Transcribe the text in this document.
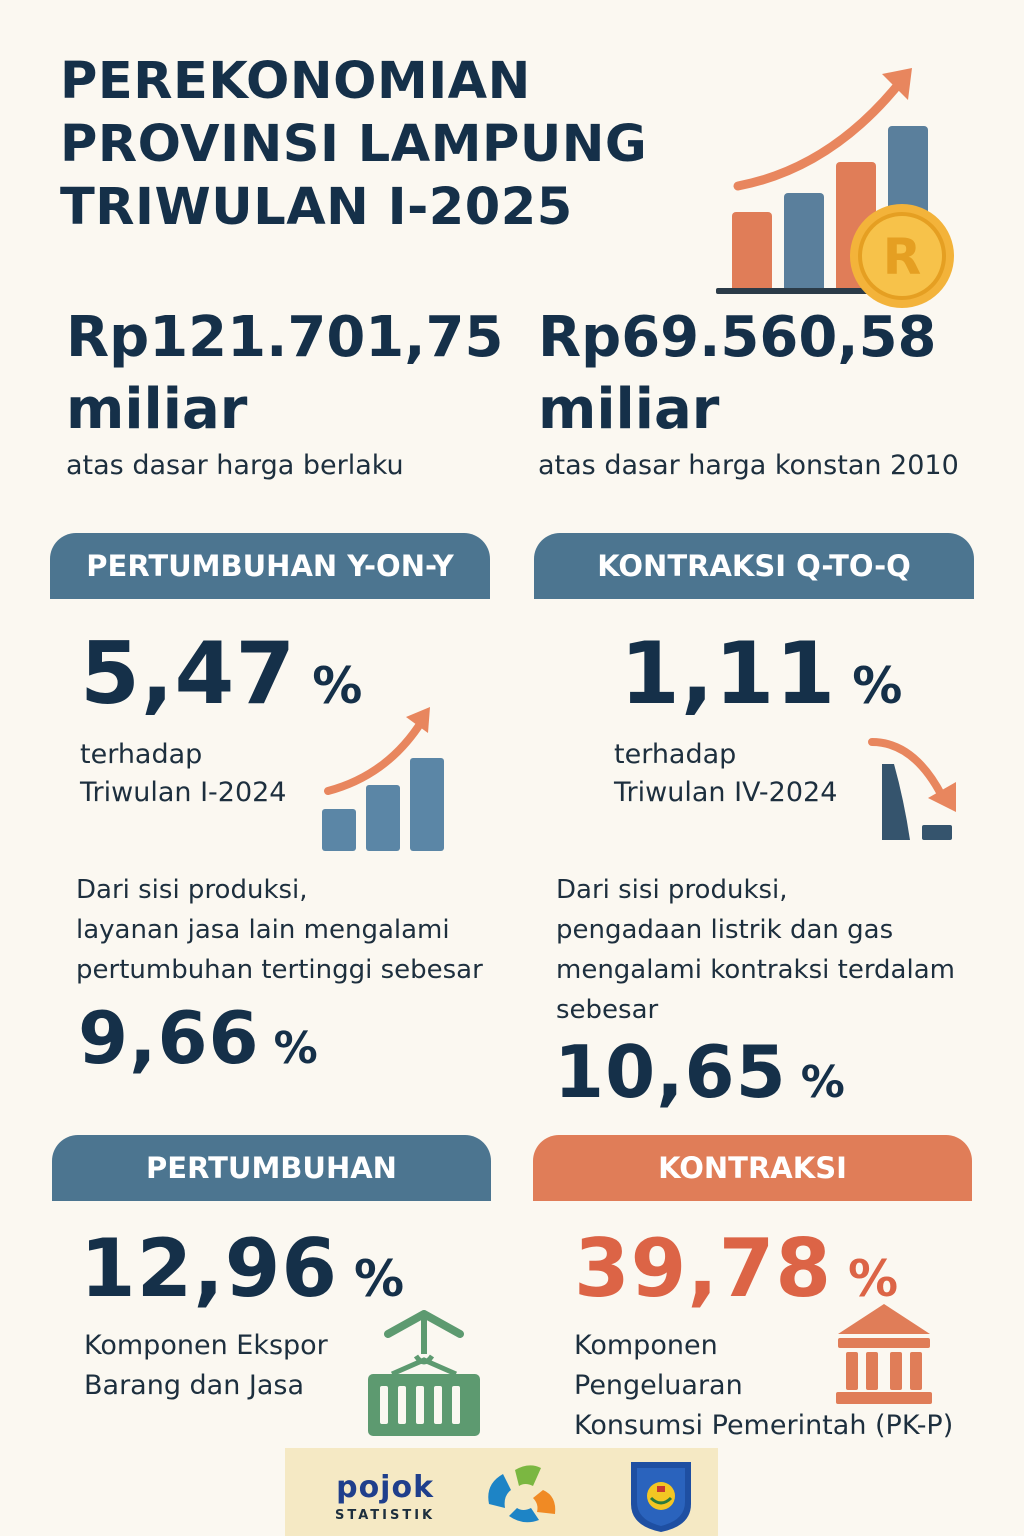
PEREKONOMIAN
PROVINSI LAMPUNG
TRIWULAN I-2025
R
Rp121.701,75
miliar
atas dasar harga berlaku
Rp69.560,58
miliar
atas dasar harga konstan 2010
PERTUMBUHAN Y-ON-Y
5,47 %
terhadap
Triwulan I-2024
Dari sisi produksi,
layanan jasa lain mengalami
pertumbuhan tertinggi sebesar
9,66 %
KONTRAKSI Q-TO-Q
1,11 %
terhadap
Triwulan IV-2024
Dari sisi produksi,
pengadaan listrik dan gas
mengalami kontraksi terdalam
sebesar
10,65 %
PERTUMBUHAN
12,96 %
Komponen Ekspor
Barang dan Jasa
KONTRAKSI
39,78 %
Komponen
Pengeluaran
Konsumsi Pemerintah (PK-P)
pojok
STATISTIK
